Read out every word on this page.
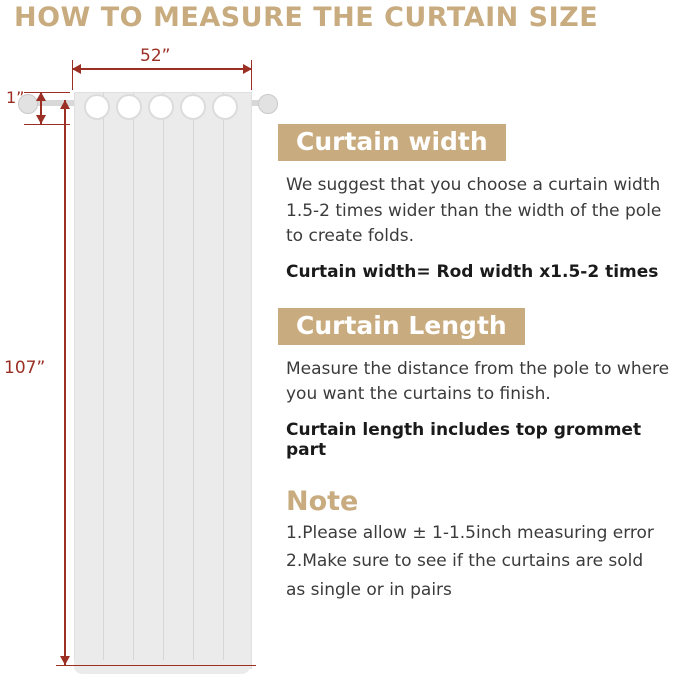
HOW TO MEASURE THE CURTAIN SIZE
52”
1”
107”
Curtain width
We suggest that you choose a curtain width 1.5-2 times wider than the width of the pole to create folds.
Curtain width= Rod width x1.5-2 times
Curtain Length
Measure the distance from the pole to where you want the curtains to finish.
Curtain length includes top grommet part
Note
1.Please allow ± 1-1.5inch measuring error
2.Make sure to see if the curtains are sold
as single or in pairs
